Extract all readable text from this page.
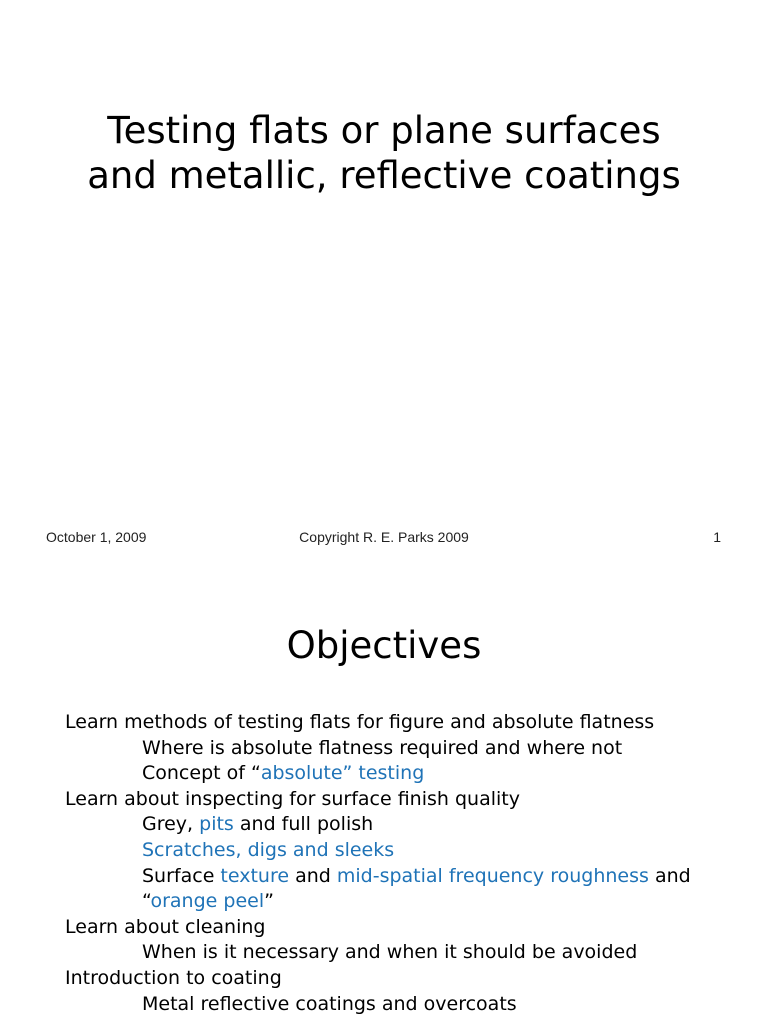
Testing flats or plane surfaces
and metallic, reflective coatings
October 1, 2009	Copyright R. E. Parks 2009	1
Objectives
Learn methods of testing flats for figure and absolute flatness
Where is absolute flatness required and where not
Concept of “absolute” testing
Learn about inspecting for surface finish quality
Grey, pits and full polish
Scratches, digs and sleeks
Surface texture and mid-spatial frequency roughness and
“orange peel”
Learn about cleaning
When is it necessary and when it should be avoided
Introduction to coating
Metal reflective coatings and overcoats
